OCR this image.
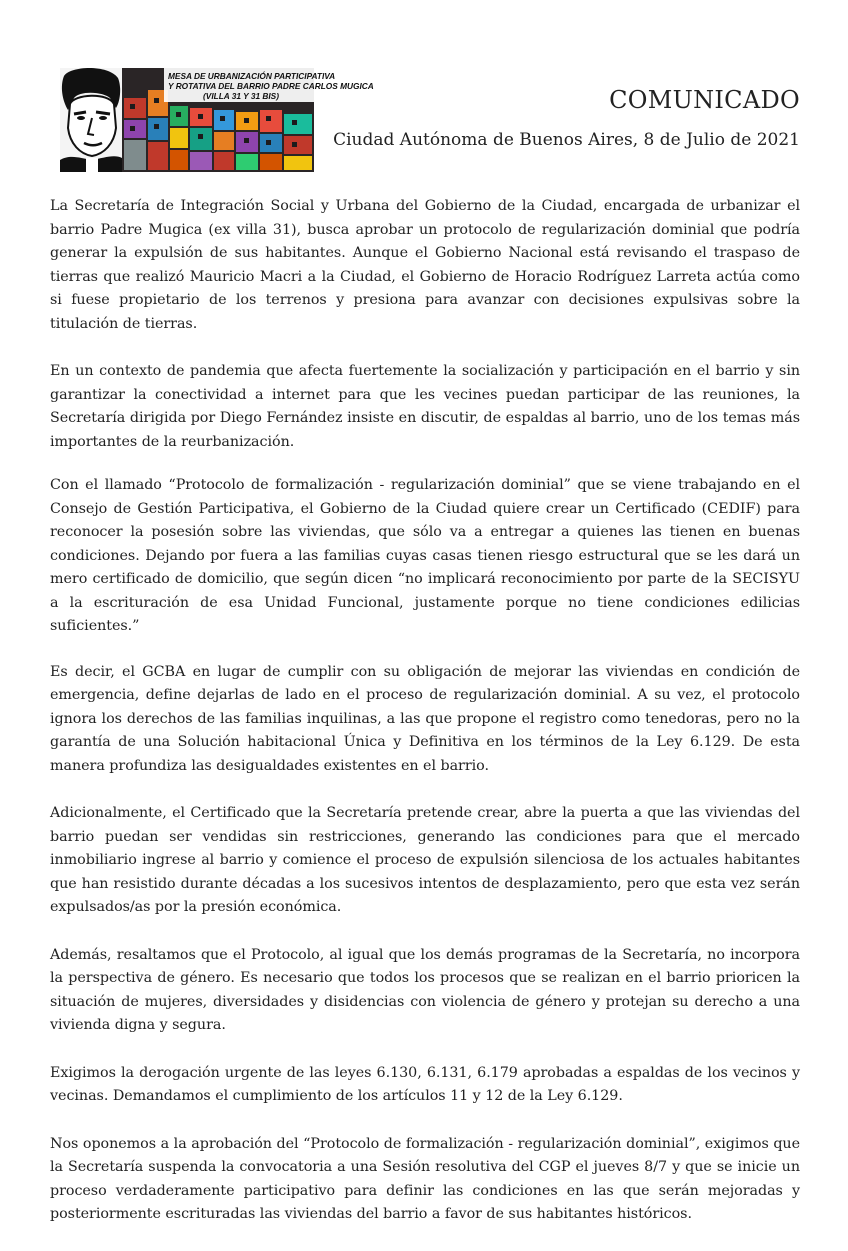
MESA DE URBANIZACIÓN PARTICIPATIVA
Y ROTATIVA DEL BARRIO PADRE CARLOS MUGICA
(VILLA 31 Y 31 BIS)	COMUNICADO
Ciudad Autónoma de Buenos Aires, 8 de Julio de 2021

La Secretaría de Integración Social y Urbana del Gobierno de la Ciudad, encargada de urbanizar el barrio Padre Mugica (ex villa 31), busca aprobar un protocolo de regularización dominial que podría generar la expulsión de sus habitantes. Aunque el Gobierno Nacional está revisando el traspaso de tierras que realizó Mauricio Macri a la Ciudad, el Gobierno de Horacio Rodríguez Larreta actúa como si fuese propietario de los terrenos y presiona para avanzar con decisiones expulsivas sobre la titulación de tierras.

En un contexto de pandemia que afecta fuertemente la socialización y participación en el barrio y sin garantizar la conectividad a internet para que les vecines puedan participar de las reuniones, la Secretaría dirigida por Diego Fernández insiste en discutir, de espaldas al barrio, uno de los temas más importantes de la reurbanización.

Con el llamado “Protocolo de formalización - regularización dominial” que se viene trabajando en el Consejo de Gestión Participativa, el Gobierno de la Ciudad quiere crear un Certificado (CEDIF) para reconocer la posesión sobre las viviendas, que sólo va a entregar a quienes las tienen en buenas condiciones. Dejando por fuera a las familias cuyas casas tienen riesgo estructural que se les dará un mero certificado de domicilio, que según dicen “no implicará reconocimiento por parte de la SECISYU a la escrituración de esa Unidad Funcional, justamente porque no tiene condiciones edilicias suficientes.”

Es decir, el GCBA en lugar de cumplir con su obligación de mejorar las viviendas en condición de emergencia, define dejarlas de lado en el proceso de regularización dominial. A su vez, el protocolo ignora los derechos de las familias inquilinas, a las que propone el registro como tenedoras, pero no la garantía de una Solución habitacional Única y Definitiva en los términos de la Ley 6.129. De esta manera profundiza las desigualdades existentes en el barrio.

Adicionalmente, el Certificado que la Secretaría pretende crear, abre la puerta a que las viviendas del barrio puedan ser vendidas sin restricciones, generando las condiciones para que el mercado inmobiliario ingrese al barrio y comience el proceso de expulsión silenciosa de los actuales habitantes que han resistido durante décadas a los sucesivos intentos de desplazamiento, pero que esta vez serán expulsados/as por la presión económica.

Además, resaltamos que el Protocolo, al igual que los demás programas de la Secretaría, no incorpora la perspectiva de género. Es necesario que todos los procesos que se realizan en el barrio prioricen la situación de mujeres, diversidades y disidencias con violencia de género y protejan su derecho a una vivienda digna y segura.

Exigimos la derogación urgente de las leyes 6.130, 6.131, 6.179 aprobadas a espaldas de los vecinos y vecinas. Demandamos el cumplimiento de los artículos 11 y 12 de la Ley 6.129.

Nos oponemos a la aprobación del “Protocolo de formalización - regularización dominial”, exigimos que la Secretaría suspenda la convocatoria a una Sesión resolutiva del CGP el jueves 8/7 y que se inicie un proceso verdaderamente participativo para definir las condiciones en las que serán mejoradas y posteriormente escrituradas las viviendas del barrio a favor de sus habitantes históricos.
